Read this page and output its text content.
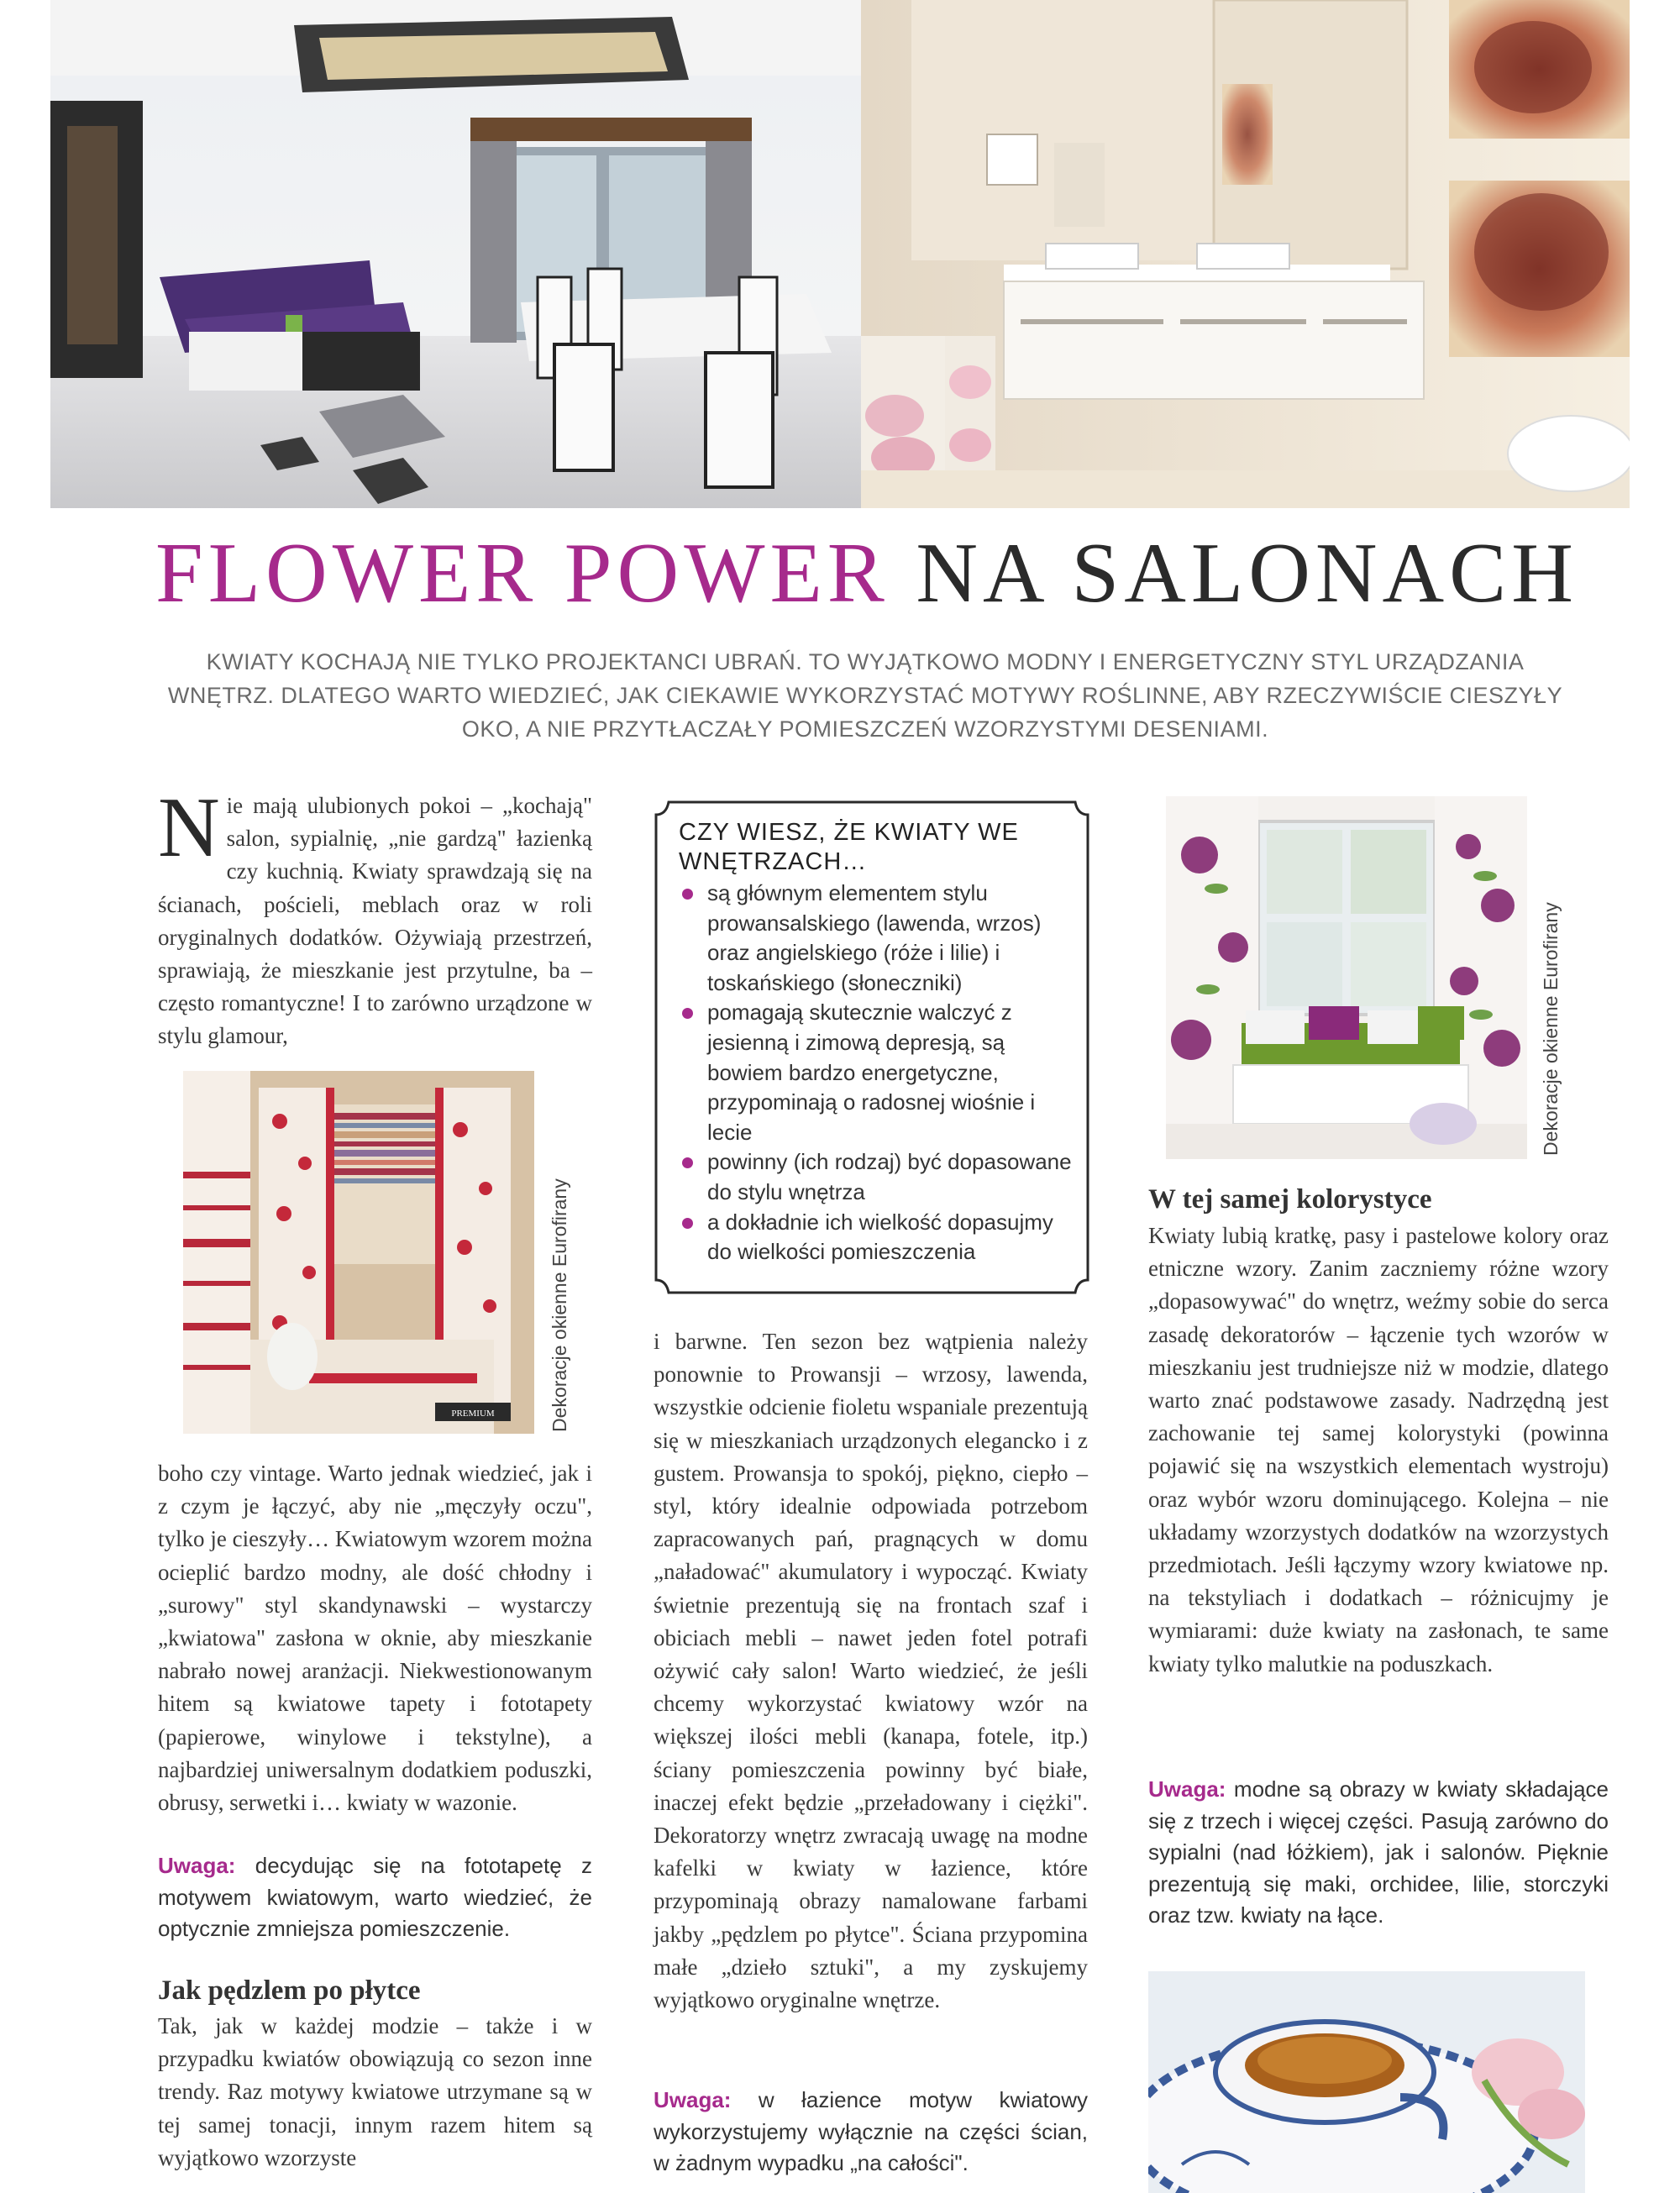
FLOWER POWER NA SALONACH
KWIATY KOCHAJĄ NIE TYLKO PROJEKTANCI UBRAŃ. TO WYJĄTKOWO MODNY I ENERGETYCZNY STYL URZĄDZANIA WNĘTRZ. DLATEGO WARTO WIEDZIEĆ, JAK CIEKAWIE WYKORZYSTAĆ MOTYWY ROŚLINNE, ABY RZECZYWIŚCIE CIESZYŁY OKO, A NIE PRZYTŁACZAŁY POMIESZCZEŃ WZORZYSTYMI DESENIAMI.

Nie mają ulubionych pokoi – „kochają" salon, sypialnię, „nie gardzą" łazienką czy kuchnią. Kwiaty sprawdzają się na ścianach, pościeli, meblach oraz w roli oryginalnych dodatków. Ożywiają przestrzeń, sprawiają, że mieszkanie jest przytulne, ba – często romantyczne! I to zarówno urządzone w stylu glamour,

PREMIUM	Dekoracje okienne Eurofirany

boho czy vintage. Warto jednak wiedzieć, jak i z czym je łączyć, aby nie „męczyły oczu", tylko je cieszyły… Kwiatowym wzorem można ocieplić bardzo modny, ale dość chłodny i „surowy" styl skandynawski – wystarczy „kwiatowa" zasłona w oknie, aby mieszkanie nabrało nowej aranżacji. Niekwestionowanym hitem są kwiatowe tapety i fototapety (papierowe, winylowe i tekstylne), a najbardziej uniwersalnym dodatkiem poduszki, obrusy, serwetki i… kwiaty w wazonie.

Uwaga: decydując się na fototapetę z motywem kwiatowym, warto wiedzieć, że optycznie zmniejsza pomieszczenie.

Jak pędzlem po płytce

Tak, jak w każdej modzie – także i w przypadku kwiatów obowiązują co sezon inne trendy. Raz motywy kwiatowe utrzymane są w tej samej tonacji, innym razem hitem są wyjątkowo wzorzyste

CZY WIESZ, ŻE KWIATY WE WNĘTRZACH…
są głównym elementem stylu prowansalskiego (lawenda, wrzos) oraz angielskiego (róże i lilie) i toskańskiego (słoneczniki)
pomagają skutecznie walczyć z jesienną i zimową depresją, są bowiem bardzo energetyczne, przypominają o radosnej wiośnie i lecie
powinny (ich rodzaj) być dopasowane do stylu wnętrza
a dokładnie ich wielkość dopasujmy do wielkości pomieszczenia

i barwne. Ten sezon bez wątpienia należy ponownie to Prowansji – wrzosy, lawenda, wszystkie odcienie fioletu wspaniale prezentują się w mieszkaniach urządzonych elegancko i z gustem. Prowansja to spokój, piękno, ciepło – styl, który idealnie odpowiada potrzebom zapracowanych pań, pragnących w domu „naładować" akumulatory i wypocząć. Kwiaty świetnie prezentują się na frontach szaf i obiciach mebli – nawet jeden fotel potrafi ożywić cały salon! Warto wiedzieć, że jeśli chcemy wykorzystać kwiatowy wzór na większej ilości mebli (kanapa, fotele, itp.) ściany pomieszczenia powinny być białe, inaczej efekt będzie „przeładowany i ciężki". Dekoratorzy wnętrz zwracają uwagę na modne kafelki w kwiaty w łazience, które przypominają obrazy namalowane farbami jakby „pędzlem po płytce". Ściana przypomina małe „dzieło sztuki", a my zyskujemy wyjątkowo oryginalne wnętrze.

Uwaga: w łazience motyw kwiatowy wykorzystujemy wyłącznie na części ścian, w żadnym wypadku „na całości".

Dekoracje okienne Eurofirany
W tej samej kolorystyce

Kwiaty lubią kratkę, pasy i pastelowe kolory oraz etniczne wzory. Zanim zaczniemy różne wzory „dopasowywać" do wnętrz, weźmy sobie do serca zasadę dekoratorów – łączenie tych wzorów w mieszkaniu jest trudniejsze niż w modzie, dlatego warto znać podstawowe zasady. Nadrzędną jest zachowanie tej samej kolorystyki (powinna pojawić się na wszystkich elementach wystroju) oraz wybór wzoru dominującego. Kolejna – nie układamy wzorzystych dodatków na wzorzystych przedmiotach. Jeśli łączymy wzory kwiatowe np. na tekstyliach i dodatkach – różnicujmy je wymiarami: duże kwiaty na zasłonach, te same kwiaty tylko malutkie na poduszkach.

Uwaga: modne są obrazy w kwiaty składające się z trzech i więcej części. Pasują zarówno do sypialni (nad łóżkiem), jak i salonów. Pięknie prezentują się maki, orchidee, lilie, storczyki oraz tzw. kwiaty na łące.
